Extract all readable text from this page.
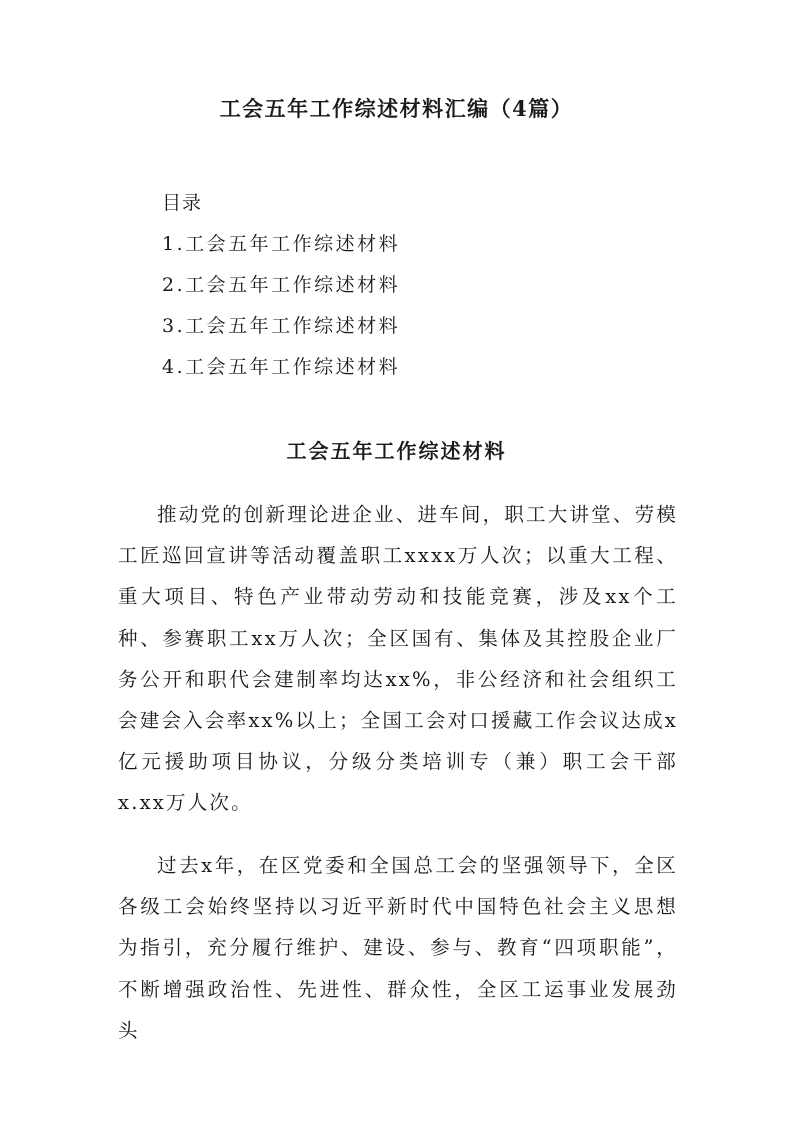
工会五年工作综述材料汇编（4篇）
目录
1.工会五年工作综述材料
2.工会五年工作综述材料
3.工会五年工作综述材料
4.工会五年工作综述材料
工会五年工作综述材料

推动党的创新理论进企业、进车间，职工大讲堂、劳模工匠巡回宣讲等活动覆盖职工xxxx万人次；以重大工程、重大项目、特色产业带动劳动和技能竞赛，涉及xx个工种、参赛职工xx万人次；全区国有、集体及其控股企业厂务公开和职代会建制率均达xx%，非公经济和社会组织工会建会入会率xx%以上；全国工会对口援藏工作会议达成x亿元援助项目协议，分级分类培训专（兼）职工会干部x.xx万人次。

过去x年，在区党委和全国总工会的坚强领导下，全区各级工会始终坚持以习近平新时代中国特色社会主义思想为指引，充分履行维护、建设、参与、教育“四项职能”，不断增强政治性、先进性、群众性，全区工运事业发展劲头
